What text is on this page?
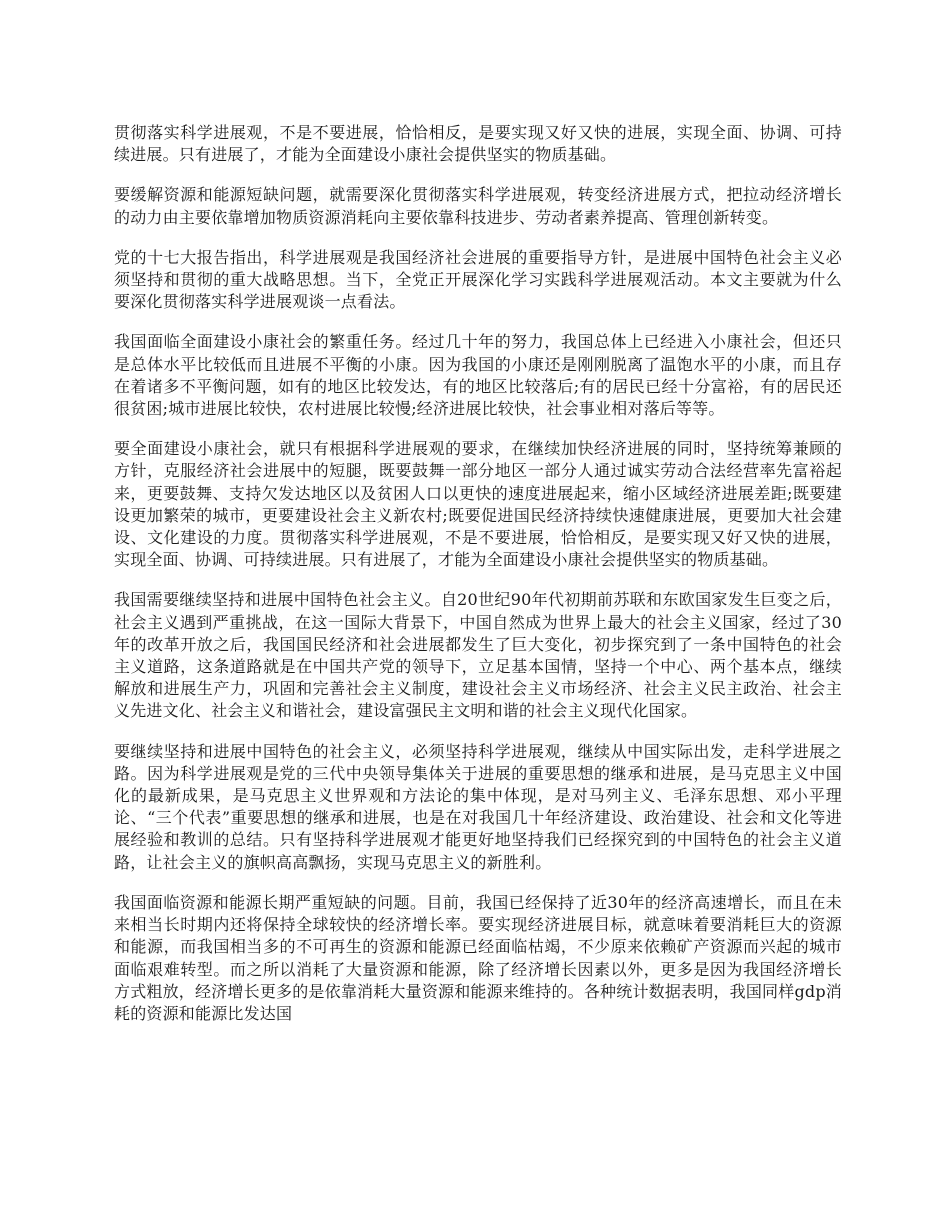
贯彻落实科学进展观，不是不要进展，恰恰相反，是要实现又好又快的进展，实现全面、协调、可持续进展。只有进展了，才能为全面建设小康社会提供坚实的物质基础。

要缓解资源和能源短缺问题，就需要深化贯彻落实科学进展观，转变经济进展方式，把拉动经济增长的动力由主要依靠增加物质资源消耗向主要依靠科技进步、劳动者素养提高、管理创新转变。

党的十七大报告指出，科学进展观是我国经济社会进展的重要指导方针，是进展中国特色社会主义必须坚持和贯彻的重大战略思想。当下，全党正开展深化学习实践科学进展观活动。本文主要就为什么要深化贯彻落实科学进展观谈一点看法。

我国面临全面建设小康社会的繁重任务。经过几十年的努力，我国总体上已经进入小康社会，但还只是总体水平比较低而且进展不平衡的小康。因为我国的小康还是刚刚脱离了温饱水平的小康，而且存在着诸多不平衡问题，如有的地区比较发达，有的地区比较落后;有的居民已经十分富裕，有的居民还很贫困;城市进展比较快，农村进展比较慢;经济进展比较快，社会事业相对落后等等。

要全面建设小康社会，就只有根据科学进展观的要求，在继续加快经济进展的同时，坚持统筹兼顾的方针，克服经济社会进展中的短腿，既要鼓舞一部分地区一部分人通过诚实劳动合法经营率先富裕起来，更要鼓舞、支持欠发达地区以及贫困人口以更快的速度进展起来，缩小区域经济进展差距;既要建设更加繁荣的城市，更要建设社会主义新农村;既要促进国民经济持续快速健康进展，更要加大社会建设、文化建设的力度。贯彻落实科学进展观，不是不要进展，恰恰相反，是要实现又好又快的进展，实现全面、协调、可持续进展。只有进展了，才能为全面建设小康社会提供坚实的物质基础。

我国需要继续坚持和进展中国特色社会主义。自20世纪90年代初期前苏联和东欧国家发生巨变之后，社会主义遇到严重挑战，在这一国际大背景下，中国自然成为世界上最大的社会主义国家，经过了30年的改革开放之后，我国国民经济和社会进展都发生了巨大变化，初步探究到了一条中国特色的社会主义道路，这条道路就是在中国共产党的领导下，立足基本国情，坚持一个中心、两个基本点，继续解放和进展生产力，巩固和完善社会主义制度，建设社会主义市场经济、社会主义民主政治、社会主义先进文化、社会主义和谐社会，建设富强民主文明和谐的社会主义现代化国家。

要继续坚持和进展中国特色的社会主义，必须坚持科学进展观，继续从中国实际出发，走科学进展之路。因为科学进展观是党的三代中央领导集体关于进展的重要思想的继承和进展，是马克思主义中国化的最新成果，是马克思主义世界观和方法论的集中体现，是对马列主义、毛泽东思想、邓小平理论、“三个代表”重要思想的继承和进展，也是在对我国几十年经济建设、政治建设、社会和文化等进展经验和教训的总结。只有坚持科学进展观才能更好地坚持我们已经探究到的中国特色的社会主义道路，让社会主义的旗帜高高飘扬，实现马克思主义的新胜利。

我国面临资源和能源长期严重短缺的问题。目前，我国已经保持了近30年的经济高速增长，而且在未来相当长时期内还将保持全球较快的经济增长率。要实现经济进展目标，就意味着要消耗巨大的资源和能源，而我国相当多的不可再生的资源和能源已经面临枯竭，不少原来依赖矿产资源而兴起的城市面临艰难转型。而之所以消耗了大量资源和能源，除了经济增长因素以外，更多是因为我国经济增长方式粗放，经济增长更多的是依靠消耗大量资源和能源来维持的。各种统计数据表明，我国同样gdp消耗的资源和能源比发达国
